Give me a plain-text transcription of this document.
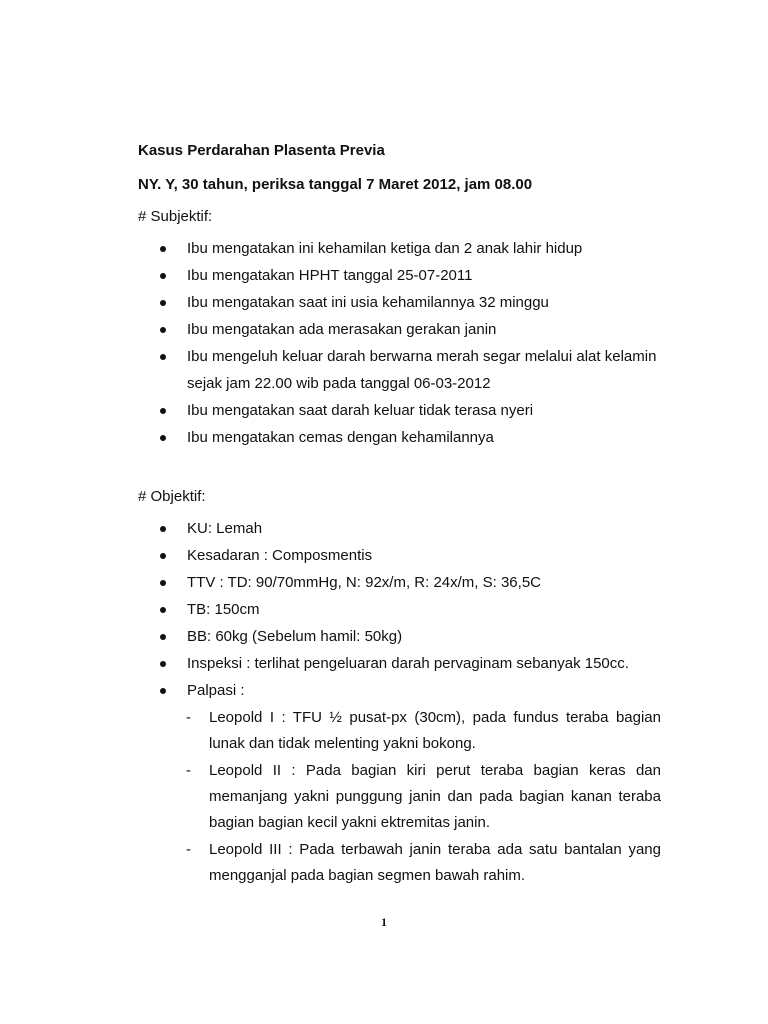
Kasus Perdarahan Plasenta Previa
NY. Y, 30 tahun, periksa tanggal 7 Maret 2012, jam 08.00
# Subjektif:
Ibu mengatakan ini kehamilan ketiga dan 2 anak lahir hidup
Ibu mengatakan HPHT tanggal 25-07-2011
Ibu mengatakan saat ini usia kehamilannya 32 minggu
Ibu mengatakan ada merasakan gerakan janin
Ibu mengeluh keluar darah berwarna merah segar melalui alat kelamin
sejak jam 22.00 wib pada tanggal 06-03-2012
Ibu mengatakan saat darah keluar tidak terasa nyeri
Ibu mengatakan cemas dengan kehamilannya
# Objektif:
KU: Lemah
Kesadaran : Composmentis
TTV : TD: 90/70mmHg, N: 92x/m, R: 24x/m, S: 36,5C
TB: 150cm
BB: 60kg (Sebelum hamil: 50kg)
Inspeksi : terlihat pengeluaran darah pervaginam sebanyak 150cc.
Palpasi :
- Leopold I : TFU ½ pusat-px (30cm), pada fundus teraba bagian lunak dan tidak melenting yakni bokong.
- Leopold II : Pada bagian kiri perut teraba bagian keras dan memanjang yakni punggung janin dan pada bagian kanan teraba bagian bagian kecil yakni ektremitas janin.
- Leopold III : Pada terbawah janin teraba ada satu bantalan yang mengganjal pada bagian segmen bawah rahim.
1
